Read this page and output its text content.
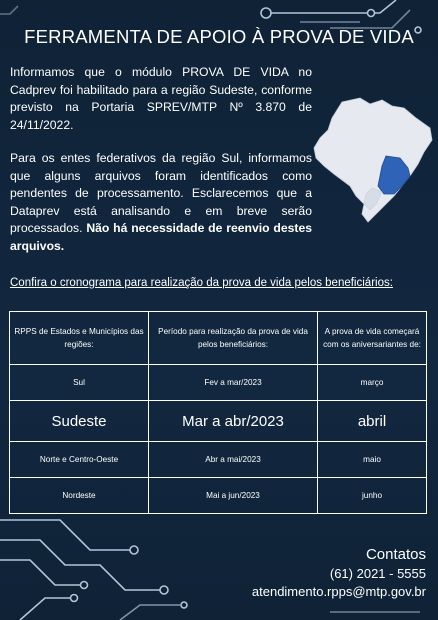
FERRAMENTA DE APOIO À PROVA DE VIDA
Informamos que o módulo PROVA DE VIDA no Cadprev foi habilitado para a região Sudeste, conforme previsto na Portaria SPREV/MTP Nº 3.870 de 24/11/2022.
Para os entes federativos da região Sul, informamos que alguns arquivos foram identificados como pendentes de processamento. Esclarecemos que a Dataprev está analisando e em breve serão processados. Não há necessidade de reenvio destes arquivos.
Confira o cronograma para realização da prova de vida pelos beneficiários:
RPPS de Estados e Municípios das regiões:	Período para realização da prova de vida pelos beneficiários:	A prova de vida começará com os aniversariantes de:
Sul	Fev a mar/2023	março
Sudeste	Mar a abr/2023	abril
Norte e Centro-Oeste	Abr a mai/2023	maio
Nordeste	Mai a jun/2023	junho
Contatos
(61) 2021 - 5555
atendimento.rpps@mtp.gov.br
